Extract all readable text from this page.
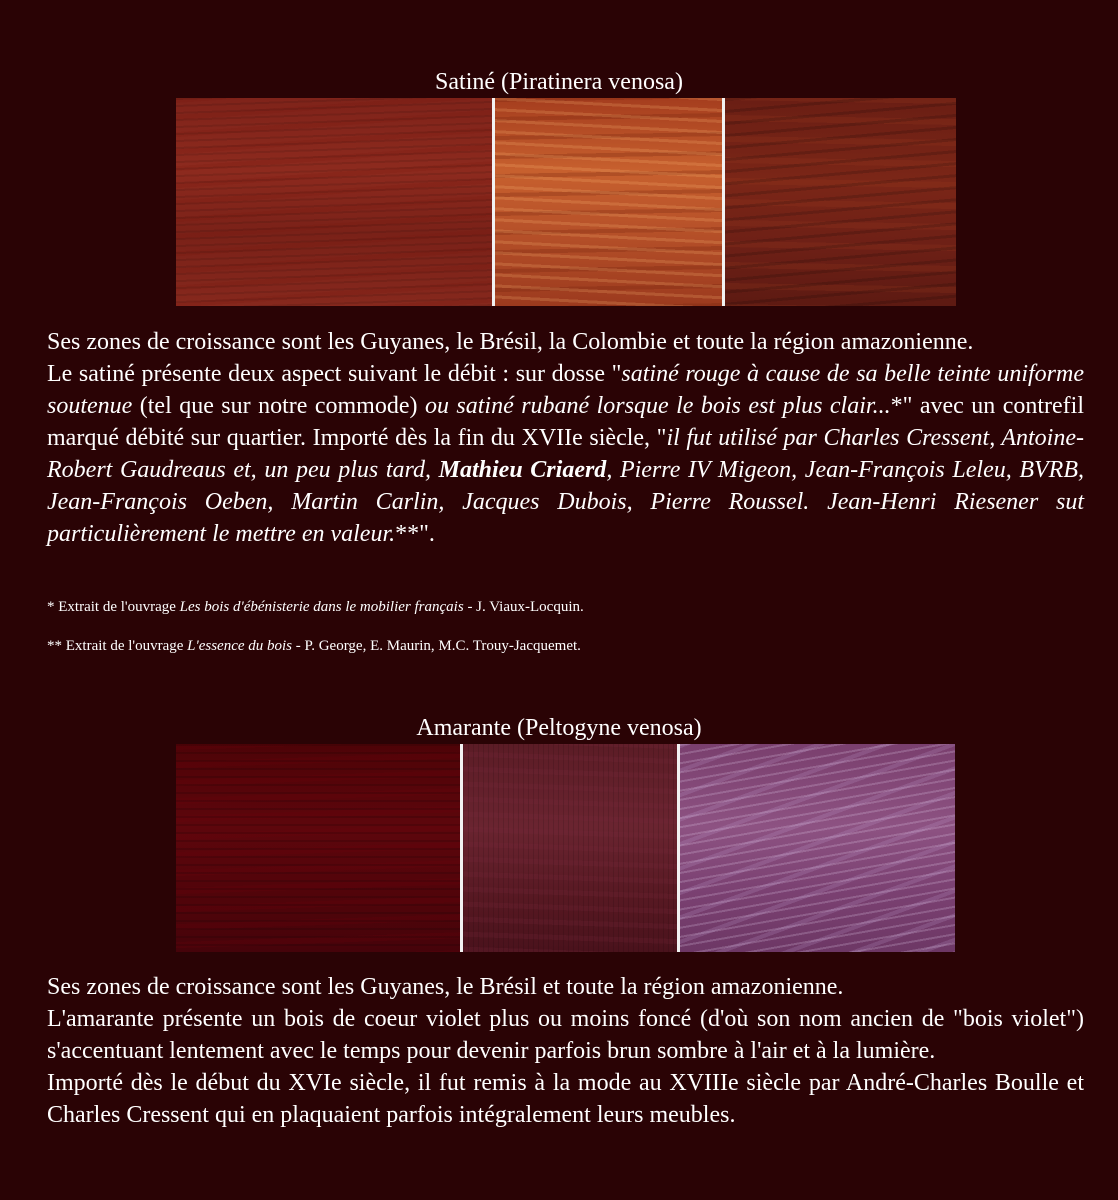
Satiné (Piratinera venosa)

Ses zones de croissance sont les Guyanes, le Brésil, la Colombie et toute la région amazonienne.

Le satiné présente deux aspect suivant le débit : sur dosse "satiné rouge à cause de sa belle teinte uniforme soutenue (tel que sur notre commode) ou satiné rubané lorsque le bois est plus clair...*" avec un contrefil marqué débité sur quartier. Importé dès la fin du XVIIe siècle, "il fut utilisé par Charles Cressent, Antoine-Robert Gaudreaus et, un peu plus tard, Mathieu Criaerd, Pierre IV Migeon, Jean-François Leleu, BVRB, Jean-François Oeben, Martin Carlin, Jacques Dubois, Pierre Roussel. Jean-Henri Riesener sut particulièrement le mettre en valeur.**".

* Extrait de l'ouvrage Les bois d'ébénisterie dans le mobilier français - J. Viaux-Locquin.

** Extrait de l'ouvrage L'essence du bois - P. George, E. Maurin, M.C. Trouy-Jacquemet.

Amarante (Peltogyne venosa)

Ses zones de croissance sont les Guyanes, le Brésil et toute la région amazonienne.

L'amarante présente un bois de coeur violet plus ou moins foncé (d'où son nom ancien de "bois violet") s'accentuant lentement avec le temps pour devenir parfois brun sombre à l'air et à la lumière.

Importé dès le début du XVIe siècle, il fut remis à la mode au XVIIIe siècle par André-Charles Boulle et Charles Cressent qui en plaquaient parfois intégralement leurs meubles.
